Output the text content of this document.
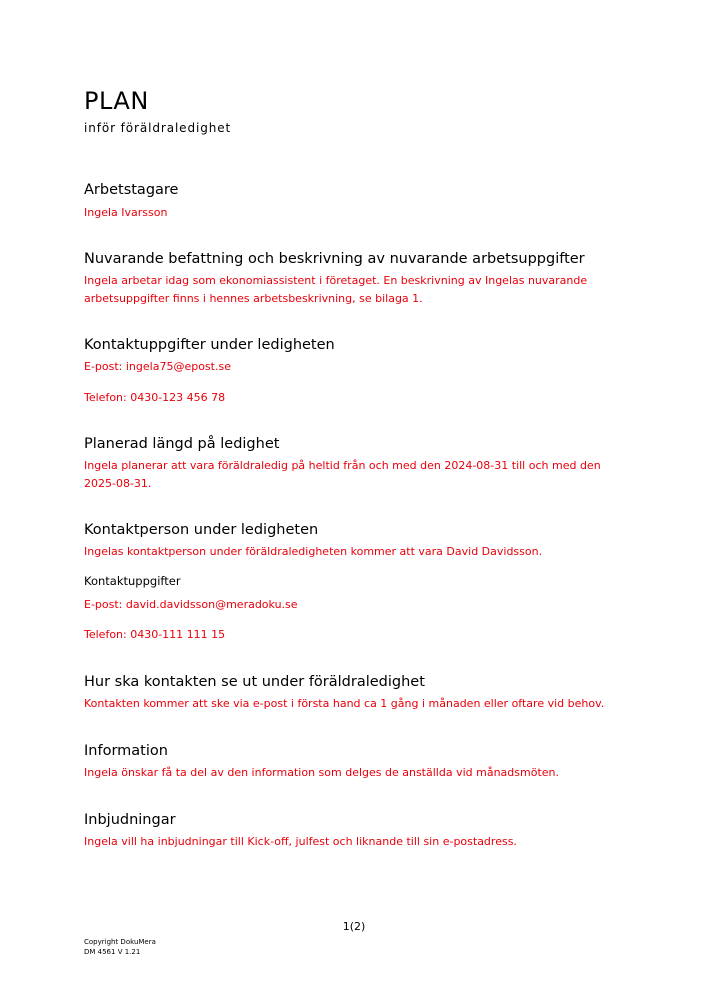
PLAN
inför föräldraledighet
Arbetstagare
Ingela Ivarsson
Nuvarande befattning och beskrivning av nuvarande arbetsuppgifter
Ingela arbetar idag som ekonomiassistent i företaget. En beskrivning av Ingelas nuvarande
arbetsuppgifter finns i hennes arbetsbeskrivning, se bilaga 1.
Kontaktuppgifter under ledigheten
E-post: ingela75@epost.se
Telefon: 0430-123 456 78
Planerad längd på ledighet
Ingela planerar att vara föräldraledig på heltid från och med den 2024-08-31 till och med den
2025-08-31.
Kontaktperson under ledigheten
Ingelas kontaktperson under föräldraledigheten kommer att vara David Davidsson.
Kontaktuppgifter
E-post: david.davidsson@meradoku.se
Telefon: 0430-111 111 15
Hur ska kontakten se ut under föräldraledighet
Kontakten kommer att ske via e-post i första hand ca 1 gång i månaden eller oftare vid behov.
Information
Ingela önskar få ta del av den information som delges de anställda vid månadsmöten.
Inbjudningar
Ingela vill ha inbjudningar till Kick-off, julfest och liknande till sin e-postadress.
1(2)
Copyright DokuMera
DM 4561 V 1.21
